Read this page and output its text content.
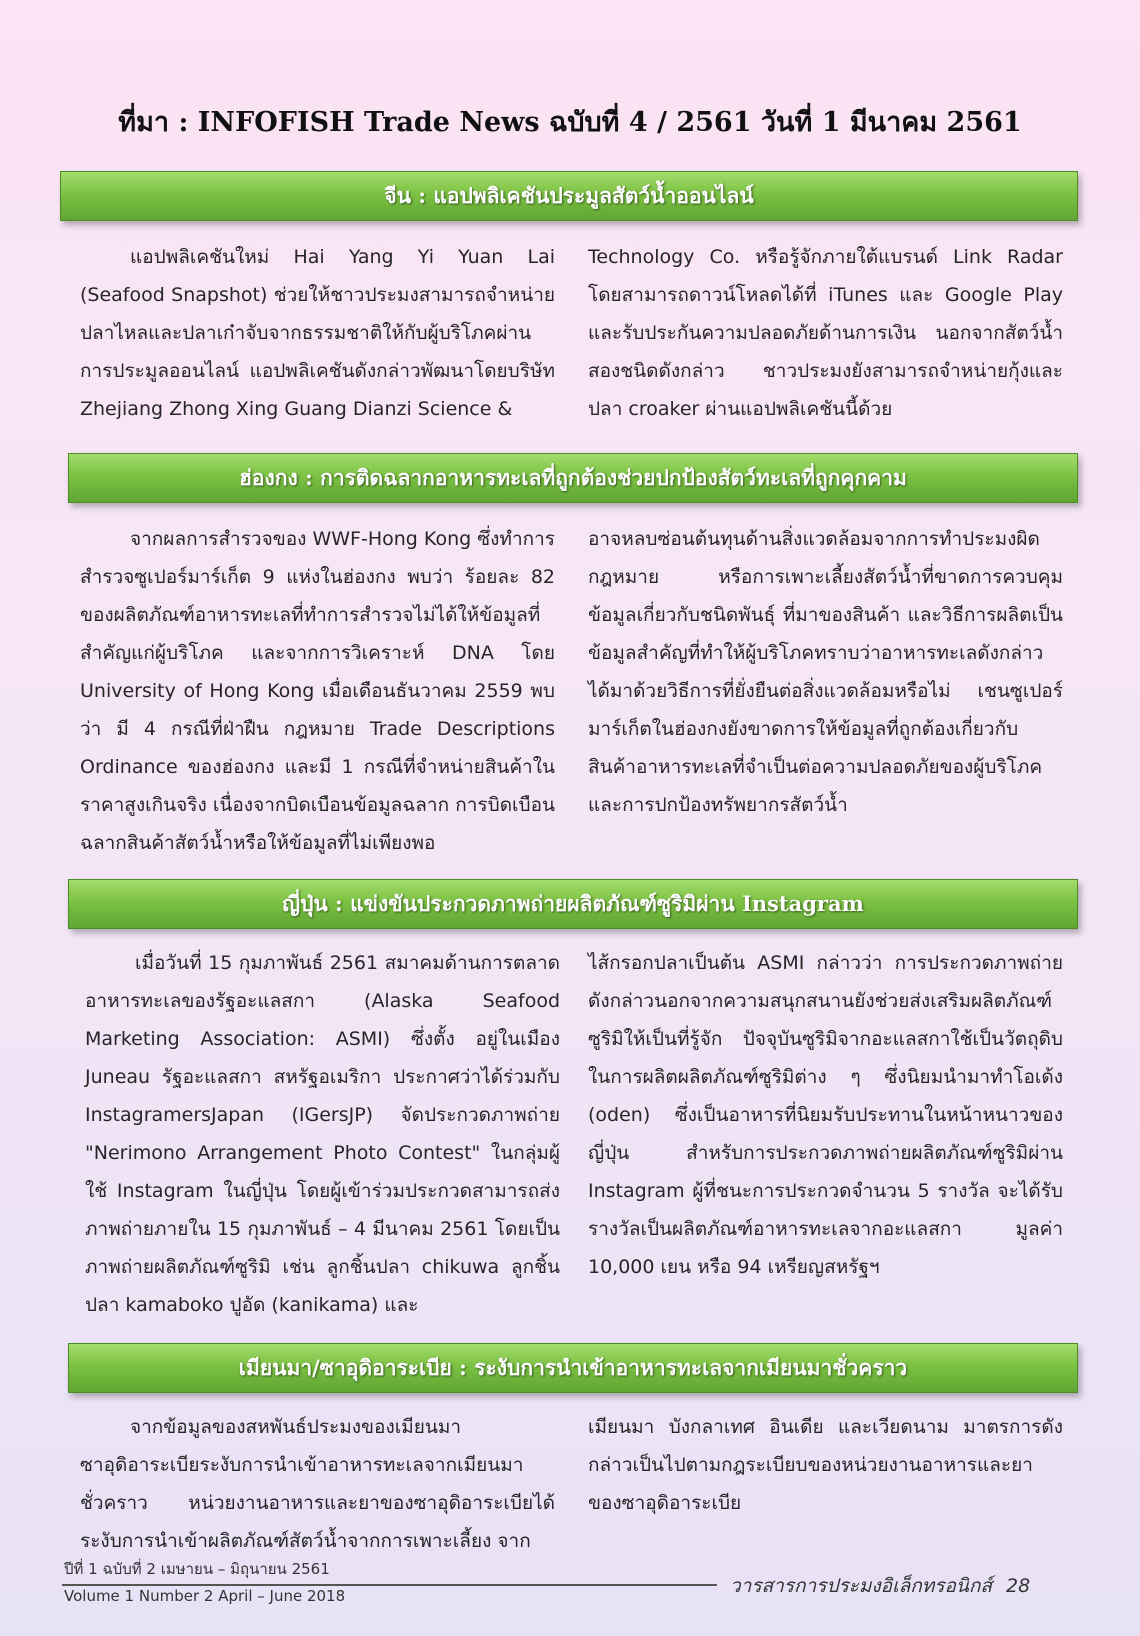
ที่มา : INFOFISH Trade News ฉบับที่ 4 / 2561 วันที่ 1 มีนาคม 2561
จีน : แอปพลิเคชันประมูลสัตว์น้ำออนไลน์
แอปพลิเคชันใหม่ Hai Yang Yi Yuan Lai (Seafood Snapshot) ช่วยให้ชาวประมงสามารถจำหน่ายปลาไหลและปลาเก๋าจับจากธรรมชาติให้กับผู้บริโภคผ่านการประมูลออนไลน์ แอปพลิเคชันดังกล่าวพัฒนาโดยบริษัท Zhejiang Zhong Xing Guang Dianzi Science &
Technology Co. หรือรู้จักภายใต้แบรนด์ Link Radar โดยสามารถดาวน์โหลดได้ที่ iTunes และ Google Play และรับประกันความปลอดภัยด้านการเงิน นอกจากสัตว์น้ำสองชนิดดังกล่าว ชาวประมงยังสามารถจำหน่ายกุ้งและปลา croaker ผ่านแอปพลิเคชันนี้ด้วย
ฮ่องกง : การติดฉลากอาหารทะเลที่ถูกต้องช่วยปกป้องสัตว์ทะเลที่ถูกคุกคาม
จากผลการสำรวจของ WWF-Hong Kong ซึ่งทำการสำรวจซูเปอร์มาร์เก็ต 9 แห่งในฮ่องกง พบว่า ร้อยละ 82 ของผลิตภัณฑ์อาหารทะเลที่ทำการสำรวจไม่ได้ให้ข้อมูลที่สำคัญแก่ผู้บริโภค และจากการวิเคราะห์ DNA โดย University of Hong Kong เมื่อเดือนธันวาคม 2559 พบว่า มี 4 กรณีที่ฝ่าฝืน กฎหมาย Trade Descriptions Ordinance ของฮ่องกง และมี 1 กรณีที่จำหน่ายสินค้าในราคาสูงเกินจริง เนื่องจากบิดเบือนข้อมูลฉลาก การบิดเบือนฉลากสินค้าสัตว์น้ำหรือให้ข้อมูลที่ไม่เพียงพอ
อาจหลบซ่อนต้นทุนด้านสิ่งแวดล้อมจากการทำประมงผิดกฎหมาย หรือการเพาะเลี้ยงสัตว์น้ำที่ขาดการควบคุม ข้อมูลเกี่ยวกับชนิดพันธุ์ ที่มาของสินค้า และวิธีการผลิตเป็นข้อมูลสำคัญที่ทำให้ผู้บริโภคทราบว่าอาหารทะเลดังกล่าวได้มาด้วยวิธีการที่ยั่งยืนต่อสิ่งแวดล้อมหรือไม่ เชนซูเปอร์มาร์เก็ตในฮ่องกงยังขาดการให้ข้อมูลที่ถูกต้องเกี่ยวกับสินค้าอาหารทะเลที่จำเป็นต่อความปลอดภัยของผู้บริโภคและการปกป้องทรัพยากรสัตว์น้ำ
ญี่ปุ่น : แข่งขันประกวดภาพถ่ายผลิตภัณฑ์ซูริมิผ่าน Instagram
เมื่อวันที่ 15 กุมภาพันธ์ 2561 สมาคมด้านการตลาดอาหารทะเลของรัฐอะแลสกา (Alaska Seafood Marketing Association: ASMI) ซึ่งตั้ง อยู่ในเมือง Juneau รัฐอะแลสกา สหรัฐอเมริกา ประกาศว่าได้ร่วมกับ InstagramersJapan (IGersJP) จัดประกวดภาพถ่าย "Nerimono Arrangement Photo Contest" ในกลุ่มผู้ใช้ Instagram ในญี่ปุ่น โดยผู้เข้าร่วมประกวดสามารถส่งภาพถ่ายภายใน 15 กุมภาพันธ์ – 4 มีนาคม 2561 โดยเป็นภาพถ่ายผลิตภัณฑ์ซูริมิ เช่น ลูกชิ้นปลา chikuwa ลูกชิ้นปลา kamaboko ปูอัด (kanikama) และ
ไส้กรอกปลาเป็นต้น ASMI กล่าวว่า การประกวดภาพถ่ายดังกล่าวนอกจากความสนุกสนานยังช่วยส่งเสริมผลิตภัณฑ์ซูริมิให้เป็นที่รู้จัก ปัจจุบันซูริมิจากอะแลสกาใช้เป็นวัตถุดิบในการผลิตผลิตภัณฑ์ซูริมิต่าง ๆ ซึ่งนิยมนำมาทำโอเด้ง (oden) ซึ่งเป็นอาหารที่นิยมรับประทานในหน้าหนาวของญี่ปุ่น สำหรับการประกวดภาพถ่ายผลิตภัณฑ์ซูริมิผ่าน Instagram ผู้ที่ชนะการประกวดจำนวน 5 รางวัล จะได้รับรางวัลเป็นผลิตภัณฑ์อาหารทะเลจากอะแลสกา มูลค่า 10,000 เยน หรือ 94 เหรียญสหรัฐฯ
เมียนมา/ซาอุดิอาระเบีย : ระงับการนำเข้าอาหารทะเลจากเมียนมาชั่วคราว
จากข้อมูลของสหพันธ์ประมงของเมียนมา ซาอุดิอาระเบียระงับการนำเข้าอาหารทะเลจากเมียนมาชั่วคราว หน่วยงานอาหารและยาของซาอุดิอาระเบียได้ระงับการนำเข้าผลิตภัณฑ์สัตว์น้ำจากการเพาะเลี้ยง จาก
เมียนมา บังกลาเทศ อินเดีย และเวียดนาม มาตรการดังกล่าวเป็นไปตามกฎระเบียบของหน่วยงานอาหารและยาของซาอุดิอาระเบีย
ปีที่ 1 ฉบับที่ 2 เมษายน – มิถุนายน 2561
Volume 1 Number 2 April – June 2018	วารสารการประมงอิเล็กทรอนิกส์ 28
